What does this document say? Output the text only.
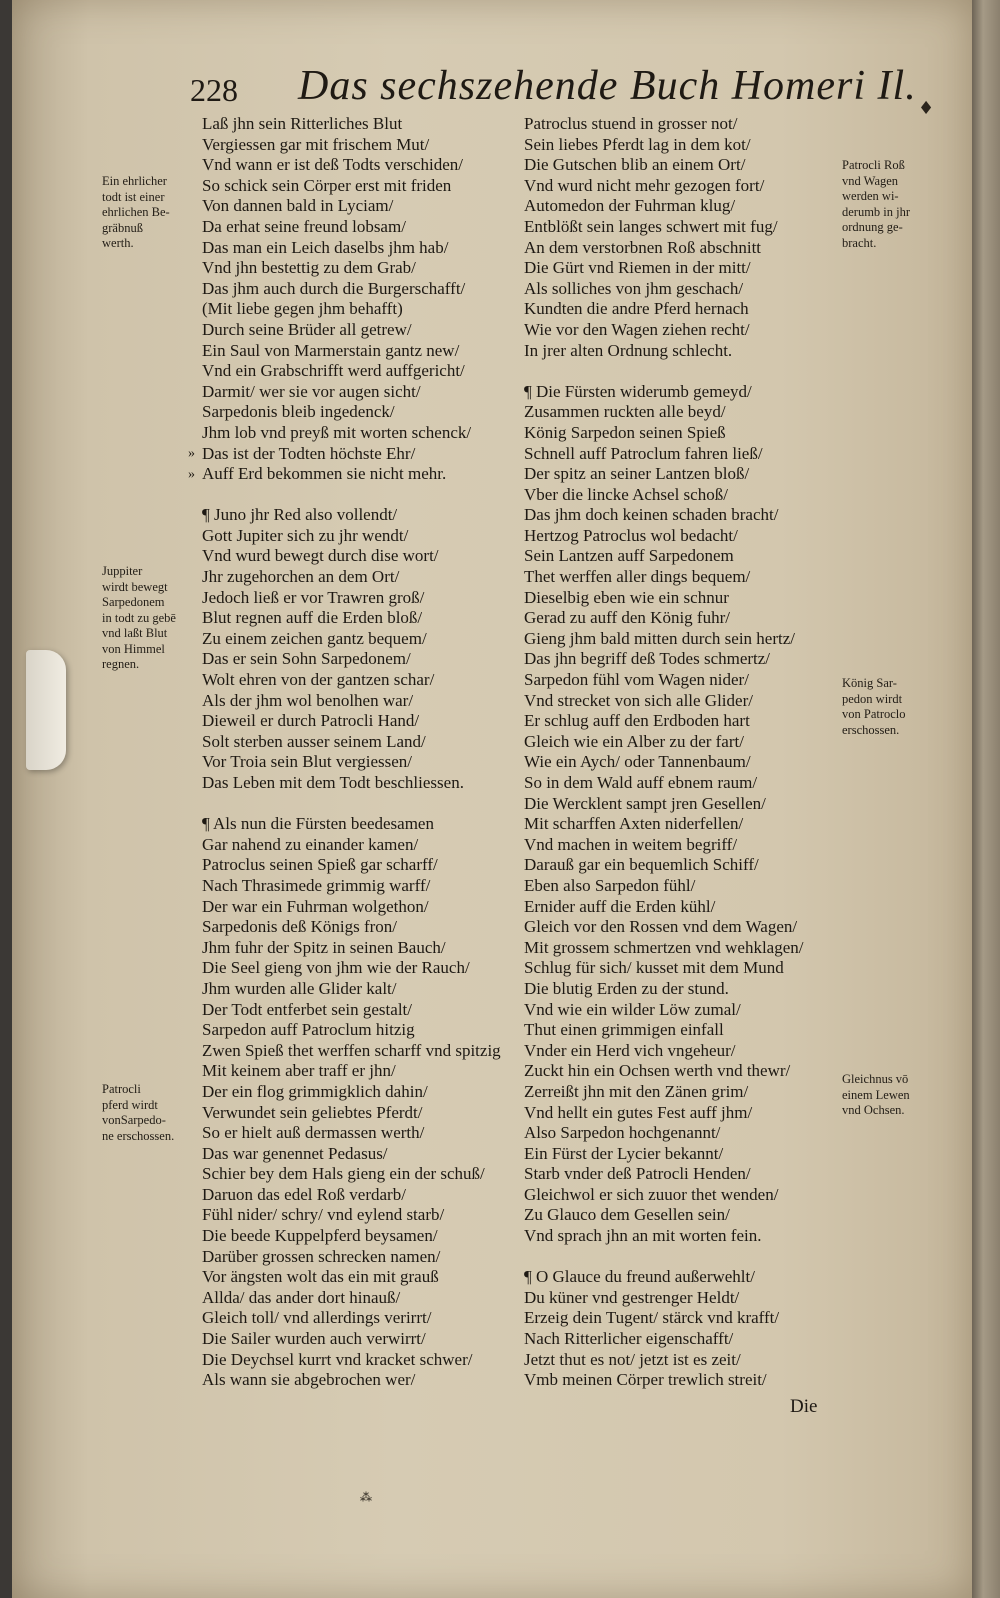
228 Das sechszehende Buch Homeri Il. ♦
Laß jhn sein Ritterliches Blut
Vergiessen gar mit frischem Mut/
Vnd wann er ist deß Todts verschiden/
So schick sein Cörper erst mit friden
Von dannen bald in Lyciam/
Da erhat seine freund lobsam/
Das man ein Leich daselbs jhm hab/
Vnd jhn bestettig zu dem Grab/
Das jhm auch durch die Burgerschafft/
(Mit liebe gegen jhm behafft)
Durch seine Brüder all getrew/
Ein Saul von Marmerstain gantz new/
Vnd ein Grabschrifft werd auffgericht/
Darmit/ wer sie vor augen sicht/
Sarpedonis bleib ingedenck/
Jhm lob vnd preyß mit worten schenck/
Das ist der Todten höchste Ehr/
Auff Erd bekommen sie nicht mehr.
¶ Juno jhr Red also vollendt/
Gott Jupiter sich zu jhr wendt/
Vnd wurd bewegt durch dise wort/
Jhr zugehorchen an dem Ort/
Jedoch ließ er vor Trawren groß/
Blut regnen auff die Erden bloß/
Zu einem zeichen gantz bequem/
Das er sein Sohn Sarpedonem/
Wolt ehren von der gantzen schar/
Als der jhm wol benolhen war/
Dieweil er durch Patrocli Hand/
Solt sterben ausser seinem Land/
Vor Troia sein Blut vergiessen/
Das Leben mit dem Todt beschliessen.
¶ Als nun die Fürsten beedesamen
Gar nahend zu einander kamen/
Patroclus seinen Spieß gar scharff/
Nach Thrasimede grimmig warff/
Der war ein Fuhrman wolgethon/
Sarpedonis deß Königs fron/
Jhm fuhr der Spitz in seinen Bauch/
Die Seel gieng von jhm wie der Rauch/
Jhm wurden alle Glider kalt/
Der Todt entferbet sein gestalt/
Sarpedon auff Patroclum hitzig
Zwen Spieß thet werffen scharff vnd spitzig
Mit keinem aber traff er jhn/
Der ein flog grimmigklich dahin/
Verwundet sein geliebtes Pferdt/
So er hielt auß dermassen werth/
Das war genennet Pedasus/
Schier bey dem Hals gieng ein der schuß/
Daruon das edel Roß verdarb/
Fühl nider/ schry/ vnd eylend starb/
Die beede Kuppelpferd beysamen/
Darüber grossen schrecken namen/
Vor ängsten wolt das ein mit grauß
Allda/ das ander dort hinauß/
Gleich toll/ vnd allerdings verirrt/
Die Sailer wurden auch verwirrt/
Die Deychsel kurrt vnd kracket schwer/
Als wann sie abgebrochen wer/
Patroclus stuend in grosser not/
Sein liebes Pferdt lag in dem kot/
Die Gutschen blib an einem Ort/
Vnd wurd nicht mehr gezogen fort/
Automedon der Fuhrman klug/
Entblößt sein langes schwert mit fug/
An dem verstorbnen Roß abschnitt
Die Gürt vnd Riemen in der mitt/
Als solliches von jhm geschach/
Kundten die andre Pferd hernach
Wie vor den Wagen ziehen recht/
In jrer alten Ordnung schlecht.
¶ Die Fürsten widerumb gemeyd/
Zusammen ruckten alle beyd/
König Sarpedon seinen Spieß
Schnell auff Patroclum fahren ließ/
Der spitz an seiner Lantzen bloß/
Vber die lincke Achsel schoß/
Das jhm doch keinen schaden bracht/
Hertzog Patroclus wol bedacht/
Sein Lantzen auff Sarpedonem
Thet werffen aller dings bequem/
Dieselbig eben wie ein schnur
Gerad zu auff den König fuhr/
Gieng jhm bald mitten durch sein hertz/
Das jhn begriff deß Todes schmertz/
Sarpedon fühl vom Wagen nider/
Vnd strecket von sich alle Glider/
Er schlug auff den Erdboden hart
Gleich wie ein Alber zu der fart/
Wie ein Aych/ oder Tannenbaum/
So in dem Wald auff ebnem raum/
Die Wercklent sampt jren Gesellen/
Mit scharffen Axten niderfellen/
Vnd machen in weitem begriff/
Darauß gar ein bequemlich Schiff/
Eben also Sarpedon fühl/
Ernider auff die Erden kühl/
Gleich vor den Rossen vnd dem Wagen/
Mit grossem schmertzen vnd wehklagen/
Schlug für sich/ kusset mit dem Mund
Die blutig Erden zu der stund.
Vnd wie ein wilder Löw zumal/
Thut einen grimmigen einfall
Vnder ein Herd vich vngeheur/
Zuckt hin ein Ochsen werth vnd thewr/
Zerreißt jhn mit den Zänen grim/
Vnd hellt ein gutes Fest auff jhm/
Also Sarpedon hochgenannt/
Ein Fürst der Lycier bekannt/
Starb vnder deß Patrocli Henden/
Gleichwol er sich zuuor thet wenden/
Zu Glauco dem Gesellen sein/
Vnd sprach jhn an mit worten fein.
¶ O Glauce du freund außerwehlt/
Du küner vnd gestrenger Heldt/
Erzeig dein Tugent/ stärck vnd krafft/
Nach Ritterlicher eigenschafft/
Jetzt thut es not/ jetzt ist es zeit/
Vmb meinen Cörper trewlich streit/
Ein ehrlicher
todt ist einer
ehrlichen Be-
gräbnuß
werth.
Juppiter
wirdt bewegt
Sarpedonem
in todt zu gebē
vnd laßt Blut
von Himmel
regnen.
Patrocli
pferd wirdt
vonSarpedo-
ne erschossen.
Patrocli Roß
vnd Wagen
werden wi-
derumb in jhr
ordnung ge-
bracht.
König Sar-
pedon wirdt
von Patroclo
erschossen.
Gleichnus vō
einem Lewen
vnd Ochsen.
»
»
Die
⁂
